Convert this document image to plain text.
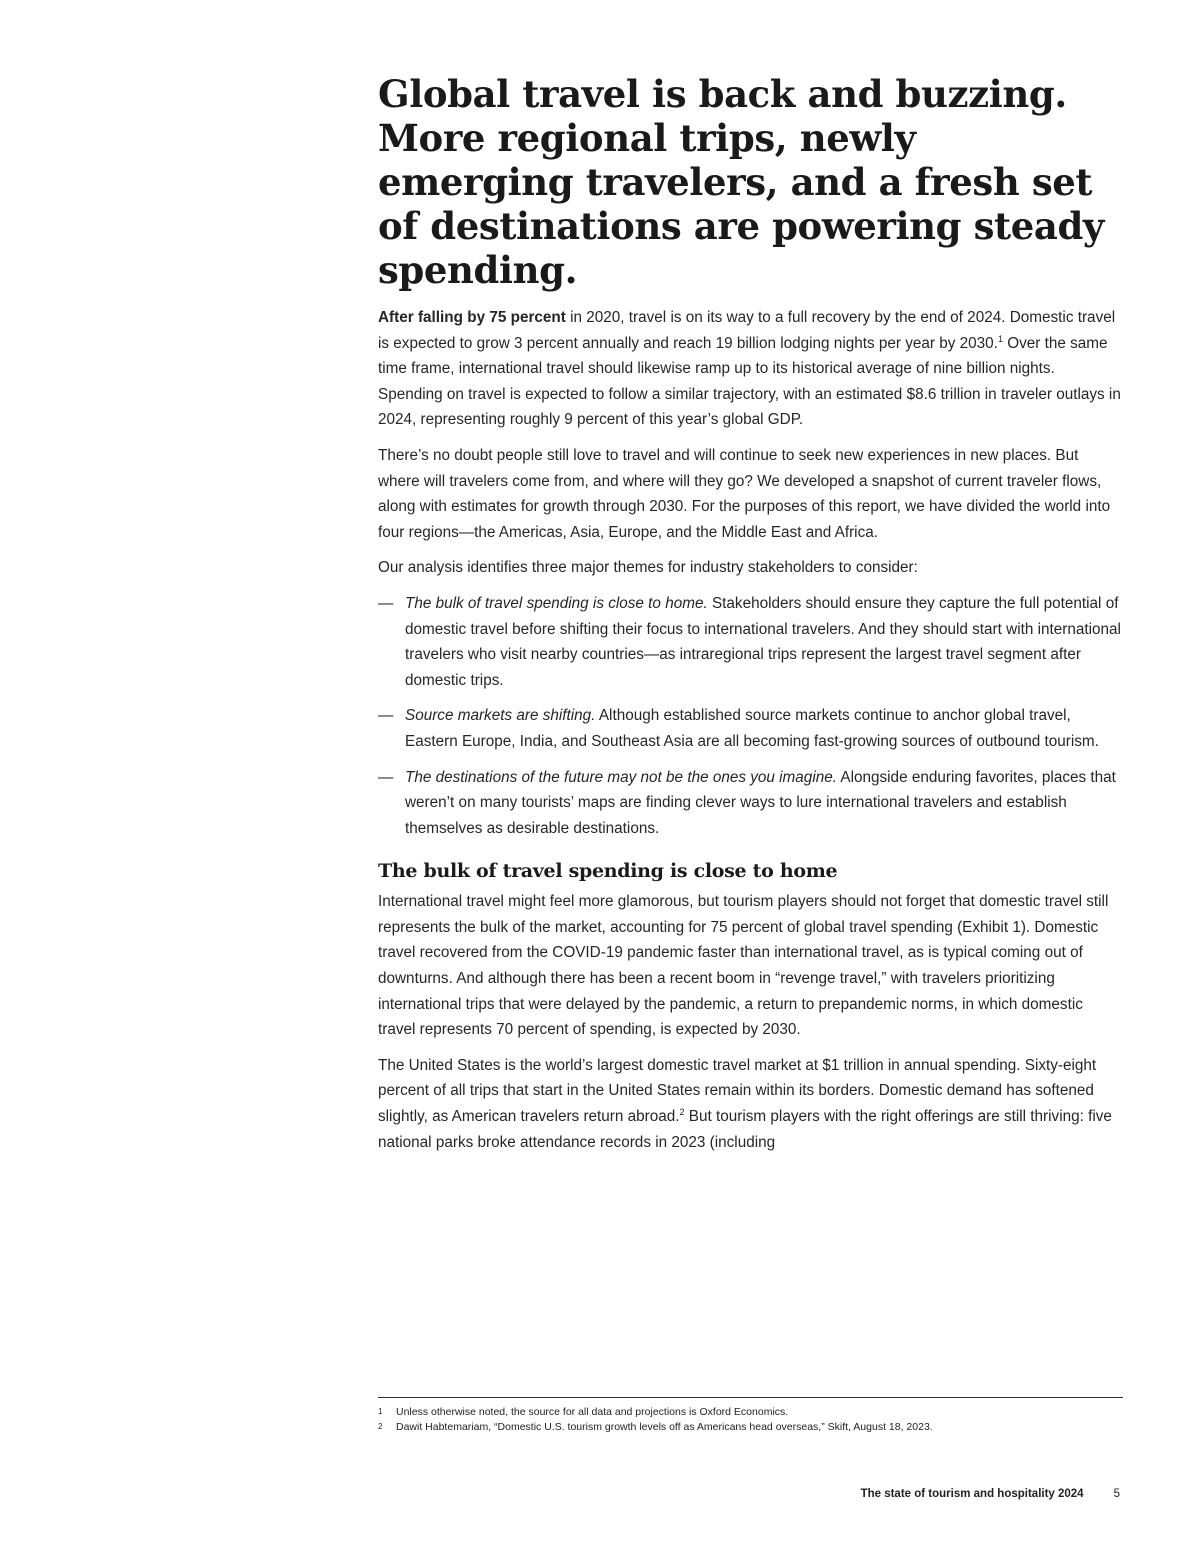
Global travel is back and buzzing. More regional trips, newly emerging travelers, and a fresh set of destinations are powering steady spending.

After falling by 75 percent in 2020, travel is on its way to a full recovery by the end of 2024. Domestic travel is expected to grow 3 percent annually and reach 19 billion lodging nights per year by 2030.$^1$ Over the same time frame, international travel should likewise ramp up to its historical average of nine billion nights. Spending on travel is expected to follow a similar trajectory, with an estimated $8.6 trillion in traveler outlays in 2024, representing roughly 9 percent of this year’s global GDP.

There’s no doubt people still love to travel and will continue to seek new experiences in new places. But where will travelers come from, and where will they go? We developed a snapshot of current traveler flows, along with estimates for growth through 2030. For the purposes of this report, we have divided the world into four regions—the Americas, Asia, Europe, and the Middle East and Africa.

Our analysis identifies three major themes for industry stakeholders to consider:

— The bulk of travel spending is close to home. Stakeholders should ensure they capture the full potential of domestic travel before shifting their focus to international travelers. And they should start with international travelers who visit nearby countries—as intraregional trips represent the largest travel segment after domestic trips.
— Source markets are shifting. Although established source markets continue to anchor global travel, Eastern Europe, India, and Southeast Asia are all becoming fast-growing sources of outbound tourism.
— The destinations of the future may not be the ones you imagine. Alongside enduring favorites, places that weren’t on many tourists’ maps are finding clever ways to lure international travelers and establish themselves as desirable destinations.
The bulk of travel spending is close to home

International travel might feel more glamorous, but tourism players should not forget that domestic travel still represents the bulk of the market, accounting for 75 percent of global travel spending (Exhibit 1). Domestic travel recovered from the COVID-19 pandemic faster than international travel, as is typical coming out of downturns. And although there has been a recent boom in “revenge travel,” with travelers prioritizing international trips that were delayed by the pandemic, a return to prepandemic norms, in which domestic travel represents 70 percent of spending, is expected by 2030.

The United States is the world’s largest domestic travel market at $1 trillion in annual spending. Sixty-eight percent of all trips that start in the United States remain within its borders. Domestic demand has softened slightly, as American travelers return abroad.$^2$ But tourism players with the right offerings are still thriving: five national parks broke attendance records in 2023 (including

1 Unless otherwise noted, the source for all data and projections is Oxford Economics.
2 Dawit Habtemariam, “Domestic U.S. tourism growth levels off as Americans head overseas,” Skift, August 18, 2023.
The state of tourism and hospitality 2024	5
